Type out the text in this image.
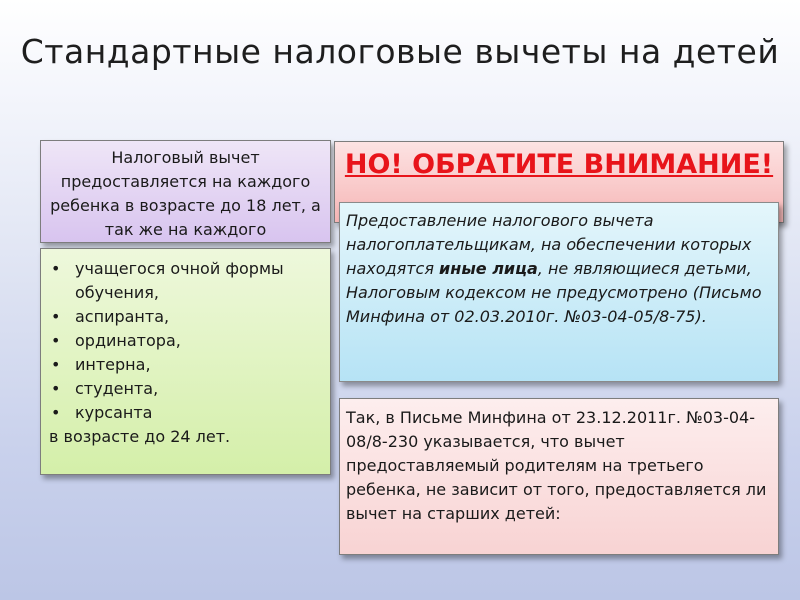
Стандартные налоговые вычеты на детей
Налоговый вычет предоставляется на каждого ребенка в возрасте до 18 лет, а так же на каждого
НО! ОБРАТИТЕ ВНИМАНИЕ!
• учащегося очной формы обучения,
• аспиранта,
• ординатора,
• интерна,
• студента,
• курсанта
в возрасте до 24 лет.
Предоставление налогового вычета налогоплательщикам, на обеспечении которых находятся иные лица, не являющиеся детьми, Налоговым кодексом не предусмотрено (Письмо Минфина от 02.03.2010г. №03-04-05/8-75).
Так, в Письме Минфина от 23.12.2011г. №03-04-08/8-230 указывается, что вычет предоставляемый родителям на третьего ребенка, не зависит от того, предоставляется ли вычет на старших детей:
